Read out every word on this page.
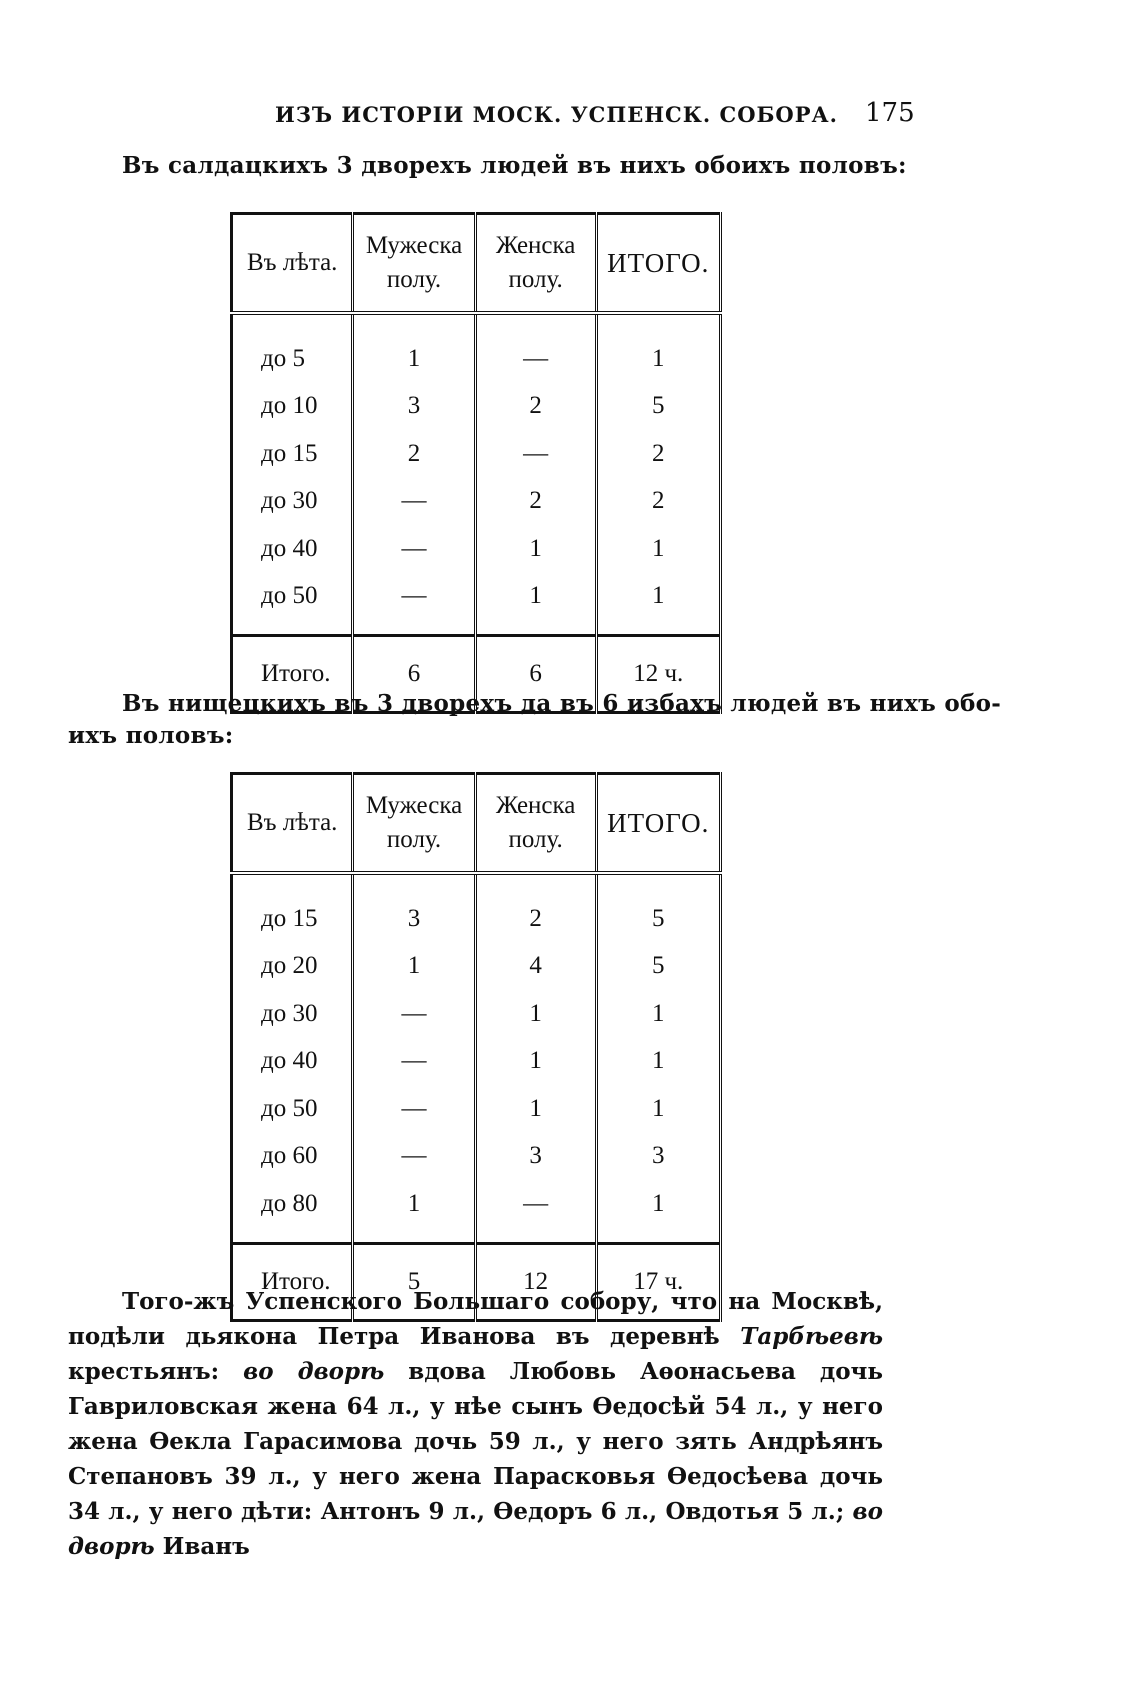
ИЗЪ ИСТОРІИ МОСК. УСПЕНСК. СОБОРА. 175
Въ салдацкихъ 3 дворехъ людей въ нихъ обоихъ половъ:
Въ лѣта.	Мужеска полу.	Женска полу.	ИТОГО.
до 5	1	—	1
до 10	3	2	5
до 15	2	—	2
до 30	—	2	2
до 40	—	1	1
до 50	—	1	1
Итого.	6	6	12 ч.
Въ нищецкихъ въ 3 дворехъ да въ 6 избахъ людей въ нихъ обо-
ихъ половъ:
Въ лѣта.	Мужеска полу.	Женска полу.	ИТОГО.
до 15	3	2	5
до 20	1	4	5
до 30	—	1	1
до 40	—	1	1
до 50	—	1	1
до 60	—	3	3
до 80	1	—	1
Итого.	5	12	17 ч.
Того-жъ Успенского Большаго собору, что на Москвѣ, подѣли дьякона Петра Иванова въ деревнѣ Тарбѣевѣ крестьянъ: во дворѣ вдова Любовь Аѳонасьева дочь Гавриловская жена 64 л., у нѣе сынъ Ѳедосѣй 54 л., у него жена Ѳекла Гарасимова дочь 59 л., у него зять Андрѣянъ Степановъ 39 л., у него жена Парасковья Ѳедосѣева дочь 34 л., у него дѣти: Антонъ 9 л., Ѳедоръ 6 л., Овдотья 5 л.; во дворѣ Иванъ
